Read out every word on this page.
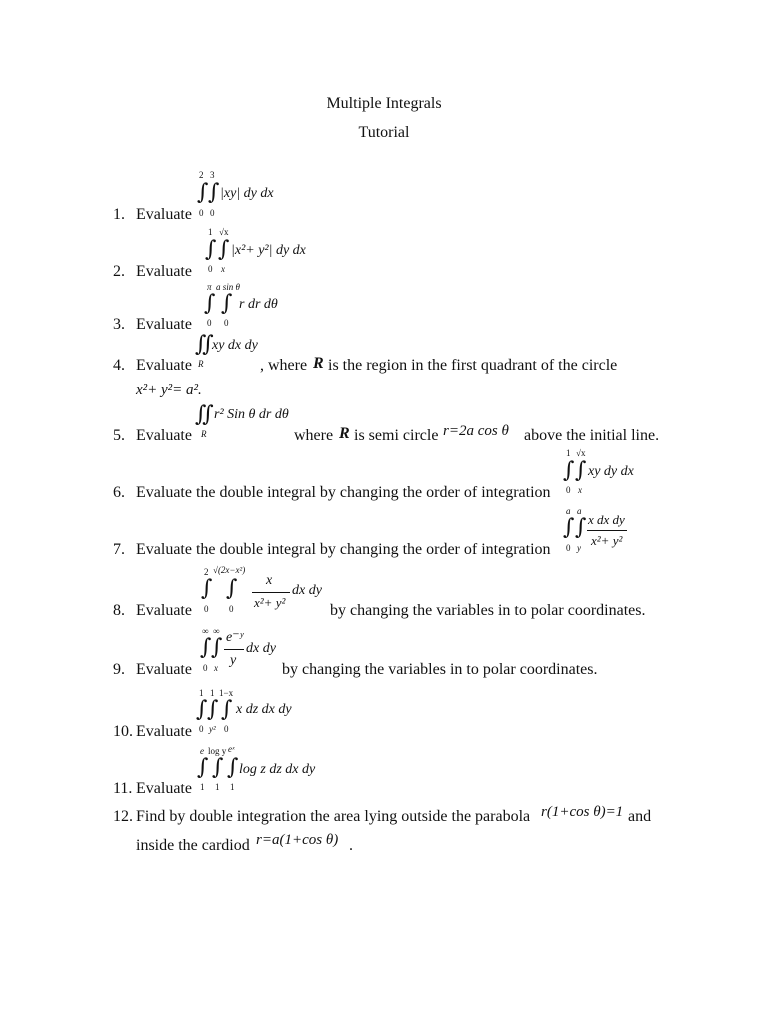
Multiple Integrals
Tutorial
1. Evaluate
2 3
∫ ∫
0 0
|xy| dy dx
2. Evaluate
1 √x
∫ ∫
0 x
|x²+ y²| dy dx
3. Evaluate
π a sin θ
∫ ∫
0 0
r dr dθ
4. Evaluate
∬
R
xy dx dy
, where R is the region in the first quadrant of the circle
x²+ y²= a².
5. Evaluate
∬
R
r² Sin θ dr dθ
where R is semi circle r=2a cos θ above the initial line.
6. Evaluate the double integral by changing the order of integration
1 √x
∫ ∫
0 x
xy dy dx
7. Evaluate the double integral by changing the order of integration
a a
∫ ∫
0 y
x dx dy
x²+ y²
8. Evaluate
2 √(2x−x²)
∫ ∫
0 0
x
x²+ y²
dx dy
by changing the variables in to polar coordinates.
9. Evaluate
∞ ∞
∫ ∫
0 x
e⁻ʸ
y
dx dy
by changing the variables in to polar coordinates.
10. Evaluate
1 1 1−x
∫ ∫ ∫
0 y² 0
x dz dx dy
11. Evaluate
e log y eˣ
∫ ∫ ∫
1 1 1
log z dz dx dy
12. Find by double integration the area lying outside the parabola r(1+cos θ)=1 and
inside the cardiod r=a(1+cos θ) .
